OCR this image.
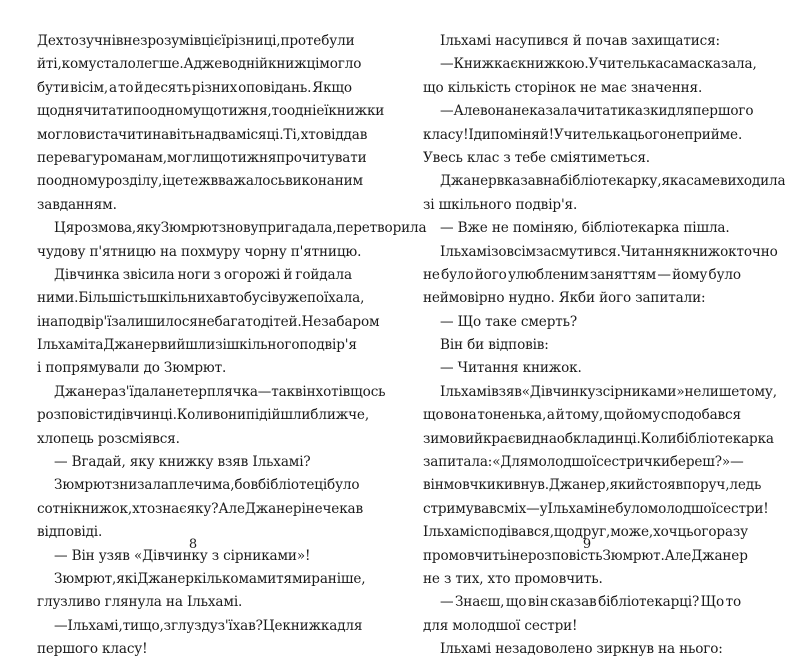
Дехто з учнів не зрозумів цієї різниці, проте були
й ті, кому стало легше. Адже в одній книжці могло
бути вісім, а то й десять різних оповідань. Якщо
щодня читати по одному щотижня, то одніеї книжки
могло вистачити навіть на два місяці. Ті, хто віддав
перевагу романам, могли щотижня прочитувати
по одному розділу, і це теж вважалось виконаним
завданням.
Ця розмова, яку Зюмрют знову пригадала, перетворила
чудову п'ятницю на похмуру чорну п'ятницю.
Дівчинка звісила ноги з огорожі й гойдала
ними. Більшість шкільних автобусів уже поїхала,
і на подвір'ї залишилося небагато дітей. Незабаром
Ільхамі та Джанер вийшли зі шкільного подвір'я
і попрямували до Зюмрют.
Джанера з'їдала нетерплячка — так він хотів щось
розповісти дівчинці. Коли вони підійшли ближче,
хлопець розсміявся.
— Вгадай, яку книжку взяв Ільхамі?
Зюмрют знизала плечима, бо в бібліотеці було
сотні книжок, хто знає яку? Але Джанер і не чекав
відповіді.
— Він узяв «Дівчинку з сірниками»!
Зюмрют, як і Джанер кількома митями раніше,
глузливо глянула на Ільхамі.
— Ільхамі, ти що, з глузду з'їхав? Це книжка для
першого класу!
8
Ільхамі насупився й почав захищатися:
— Книжка є книжкою. Учителька сама сказала,
що кількість сторінок не має значення.
— Але вона не казала читати казки для першого
класу! Іди поміняй! Учителька цього не прийме.
Увесь клас з тебе сміятиметься.
Джанер вказав на бібліотекарку, яка саме виходила
зі шкільного подвір'я.
— Вже не поміняю, бібліотекарка пішла.
Ільхамі зовсім засмутився. Читання книжок точно
не було його улюбленим заняттям — йому було
неймовірно нудно. Якби його запитали:
— Що таке смерть?
Він би відповів:
— Читання книжок.
Ільхамі взяв «Дівчинку з сірниками» не лише тому,
що вона тоненька, а й тому, що йому сподобався
зимовий краєвид на обкладинці. Коли бібліотекарка
запитала: «Для молодшої сестрички береш?» —
він мовчки кивнув. Джанер, який стояв поруч, ледь
стримував сміх — у Ільхамі не було молодшої сестри!
Ільхамі сподівався, що друг, може, хоч цього разу
промовчить і не розповість Зюмрют. Але Джанер
не з тих, хто промовчить.
— Знаєш, що він сказав бібліотекарці? Що то
для молодшої сестри!
Ільхамі незадоволено зиркнув на нього:
9
